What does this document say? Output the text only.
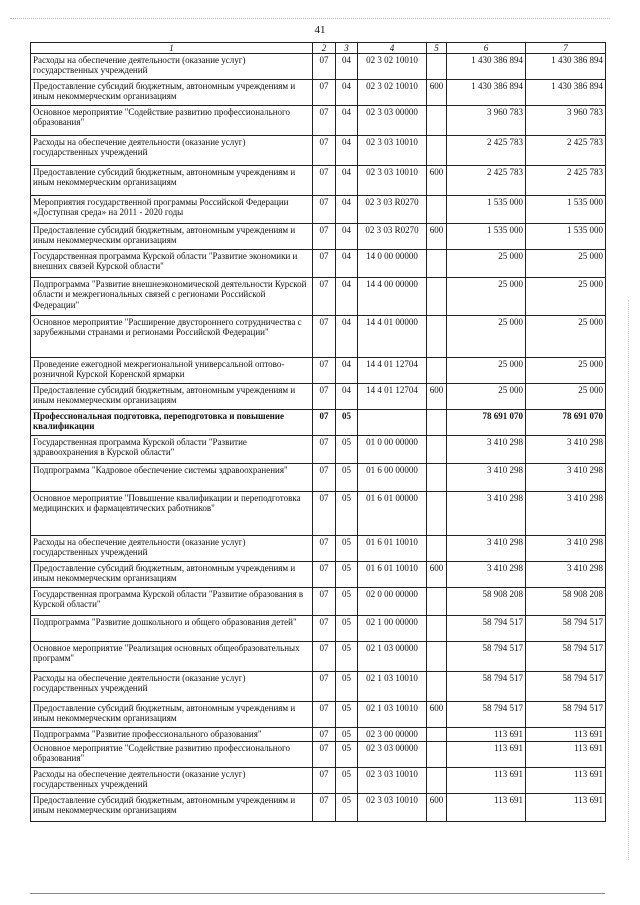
41
1	2	3	4	5	6	7
Расходы на обеспечение деятельности (оказание услуг) государственных учреждений	07	04	02 3 02 10010		1 430 386 894	1 430 386 894
Предоставление субсидий бюджетным, автономным учреждениям и иным некоммерческим организациям	07	04	02 3 02 10010	600	1 430 386 894	1 430 386 894
Основное мероприятие "Содействие развитию профессионального образования"	07	04	02 3 03 00000		3 960 783	3 960 783
Расходы на обеспечение деятельности (оказание услуг) государственных учреждений	07	04	02 3 03 10010		2 425 783	2 425 783
Предоставление субсидий бюджетным, автономным учреждениям и иным некоммерческим организациям	07	04	02 3 03 10010	600	2 425 783	2 425 783
Мероприятия государственной программы Российской Федерации «Доступная среда» на 2011 - 2020 годы	07	04	02 3 03 R0270		1 535 000	1 535 000
Предоставление субсидий бюджетным, автономным учреждениям и иным некоммерческим организациям	07	04	02 3 03 R0270	600	1 535 000	1 535 000
Государственная программа Курской области "Развитие экономики и внешних связей Курской области"	07	04	14 0 00 00000		25 000	25 000
Подпрограмма "Развитие внешнеэкономической деятельности Курской области и межрегиональных связей с регионами Российской Федерации"	07	04	14 4 00 00000		25 000	25 000
Основное мероприятие "Расширение двустороннего сотрудничества с зарубежными странами и регионами Российской Федерации"	07	04	14 4 01 00000		25 000	25 000
Проведение ежегодной межрегиональной универсальной оптово-розничной Курской Коренской ярмарки	07	04	14 4 01 12704		25 000	25 000
Предоставление субсидий бюджетным, автономным учреждениям и иным некоммерческим организациям	07	04	14 4 01 12704	600	25 000	25 000
Профессиональная подготовка, переподготовка и повышение квалификации	07	05			78 691 070	78 691 070
Государственная программа Курской области "Развитие здравоохранения в Курской области"	07	05	01 0 00 00000		3 410 298	3 410 298
Подпрограмма "Кадровое обеспечение системы здравоохранения"	07	05	01 6 00 00000		3 410 298	3 410 298
Основное мероприятие "Повышение квалификации и переподготовка медицинских и фармацевтических работников"	07	05	01 6 01 00000		3 410 298	3 410 298
Расходы на обеспечение деятельности (оказание услуг) государственных учреждений	07	05	01 6 01 10010		3 410 298	3 410 298
Предоставление субсидий бюджетным, автономным учреждениям и иным некоммерческим организациям	07	05	01 6 01 10010	600	3 410 298	3 410 298
Государственная программа Курской области "Развитие образования в Курской области"	07	05	02 0 00 00000		58 908 208	58 908 208
Подпрограмма "Развитие дошкольного и общего образования детей"	07	05	02 1 00 00000		58 794 517	58 794 517
Основное мероприятие "Реализация основных общеобразовательных программ"	07	05	02 1 03 00000		58 794 517	58 794 517
Расходы на обеспечение деятельности (оказание услуг) государственных учреждений	07	05	02 1 03 10010		58 794 517	58 794 517
Предоставление субсидий бюджетным, автономным учреждениям и иным некоммерческим организациям	07	05	02 1 03 10010	600	58 794 517	58 794 517
Подпрограмма "Развитие профессионального образования"	07	05	02 3 00 00000		113 691	113 691
Основное мероприятие "Содействие развитию профессионального образования"	07	05	02 3 03 00000		113 691	113 691
Расходы на обеспечение деятельности (оказание услуг) государственных учреждений	07	05	02 3 03 10010		113 691	113 691
Предоставление субсидий бюджетным, автономным учреждениям и иным некоммерческим организациям	07	05	02 3 03 10010	600	113 691	113 691
